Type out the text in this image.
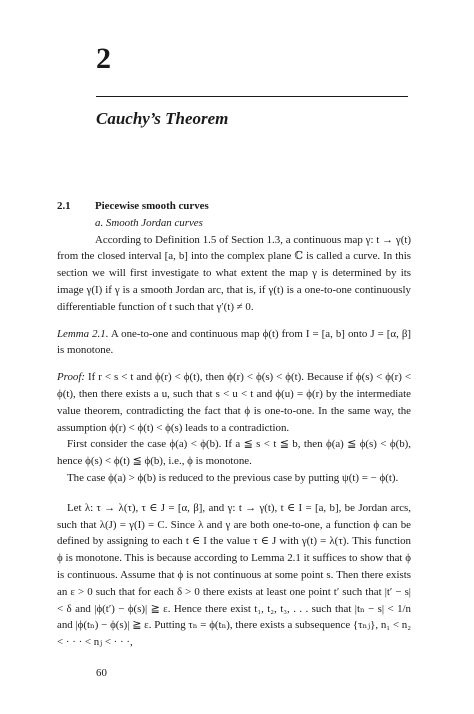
2
Cauchy’s Theorem
2.1	Piecewise smooth curves
a. Smooth Jordan curves

According to Definition 1.5 of Section 1.3, a continuous map γ: t → γ(t) from the closed interval [a, b] into the complex plane ℂ is called a curve. In this section we will first investigate to what extent the map γ is determined by its image γ(I) if γ is a smooth Jordan arc, that is, if γ(t) is a one-to-one continuously differentiable function of t such that γ′(t) ≠ 0.

Lemma 2.1. A one-to-one and continuous map ϕ(t) from I = [a, b] onto J = [α, β] is monotone.

Proof: If r < s < t and ϕ(r) < ϕ(t), then ϕ(r) < ϕ(s) < ϕ(t). Because if ϕ(s) < ϕ(r) < ϕ(t), then there exists a u, such that s < u < t and ϕ(u) = ϕ(r) by the intermediate value theorem, contradicting the fact that ϕ is one-to-one. In the same way, the assumption ϕ(r) < ϕ(t) < ϕ(s) leads to a contradiction.

First consider the case ϕ(a) < ϕ(b). If a ≦ s < t ≦ b, then ϕ(a) ≦ ϕ(s) < ϕ(b), hence ϕ(s) < ϕ(t) ≦ ϕ(b), i.e., ϕ is monotone.

The case ϕ(a) > ϕ(b) is reduced to the previous case by putting ψ(t) = − ϕ(t).

Let λ: τ → λ(τ), τ ∈ J = [α, β], and γ: t → γ(t), t ∈ I = [a, b], be Jordan arcs, such that λ(J) = γ(I) = C. Since λ and γ are both one-to-one, a function ϕ can be defined by assigning to each t ∈ I the value τ ∈ J with γ(t) = λ(τ). This function ϕ is monotone. This is because according to Lemma 2.1 it suffices to show that ϕ is continuous. Assume that ϕ is not continuous at some point s. Then there exists an ε > 0 such that for each δ > 0 there exists at least one point t′ such that |t′ − s| < δ and |ϕ(t′) − ϕ(s)| ≧ ε. Hence there exist t₁, t₂, t₃, . . . such that |tₙ − s| < 1/n and |ϕ(tₙ) − ϕ(s)| ≧ ε. Putting τₙ = ϕ(tₙ), there exists a subsequence {τₙⱼ}, n₁ < n₂ < · · · < nⱼ < · · ·,

60
